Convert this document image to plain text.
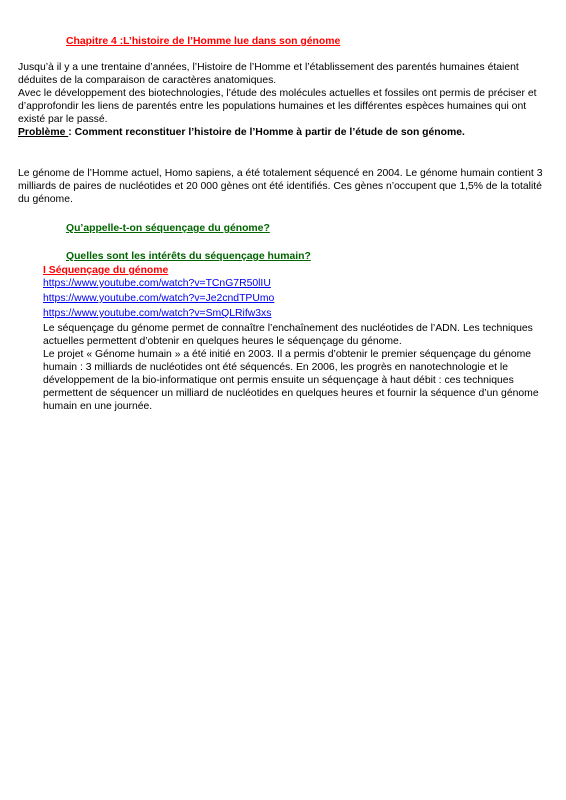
Chapitre 4 :L’histoire de l’Homme lue dans son génome

Jusqu’à il y a une trentaine d’années, l’Histoire de l’Homme et l’établissement des parentés humaines étaient déduites de la comparaison de caractères anatomiques.

Avec le développement des biotechnologies, l’étude des molécules actuelles et fossiles ont permis de préciser et d’approfondir les liens de parentés entre les populations humaines et les différentes espèces humaines qui ont existé par le passé.

Problème : Comment reconstituer l’histoire de l’Homme à partir de l’étude de son génome.

Le génome de l’Homme actuel, Homo sapiens, a été totalement séquencé en 2004. Le génome humain contient 3 milliards de paires de nucléotides et 20 000 gènes ont été identifiés. Ces gènes n’occupent que 1,5% de la totalité du génome.

Qu’appelle-t-on séquençage du génome?

Quelles sont les intérêts du séquençage humain?

I Séquençage du génome

https://www.youtube.com/watch?v=TCnG7R50lIU
https://www.youtube.com/watch?v=Je2cndTPUmo
https://www.youtube.com/watch?v=SmQLRifw3xs

Le séquençage du génome permet de connaître l’enchaînement des nucléotides de l’ADN. Les techniques actuelles permettent d’obtenir en quelques heures le séquençage du génome.

Le projet « Génome humain » a été initié en 2003. Il a permis d’obtenir le premier séquençage du génome humain : 3 milliards de nucléotides ont été séquencés. En 2006, les progrès en nanotechnologie et le développement de la bio-informatique ont permis ensuite un séquençage à haut débit : ces techniques permettent de séquencer un milliard de nucléotides en quelques heures et fournir la séquence d’un génome humain en une journée.
